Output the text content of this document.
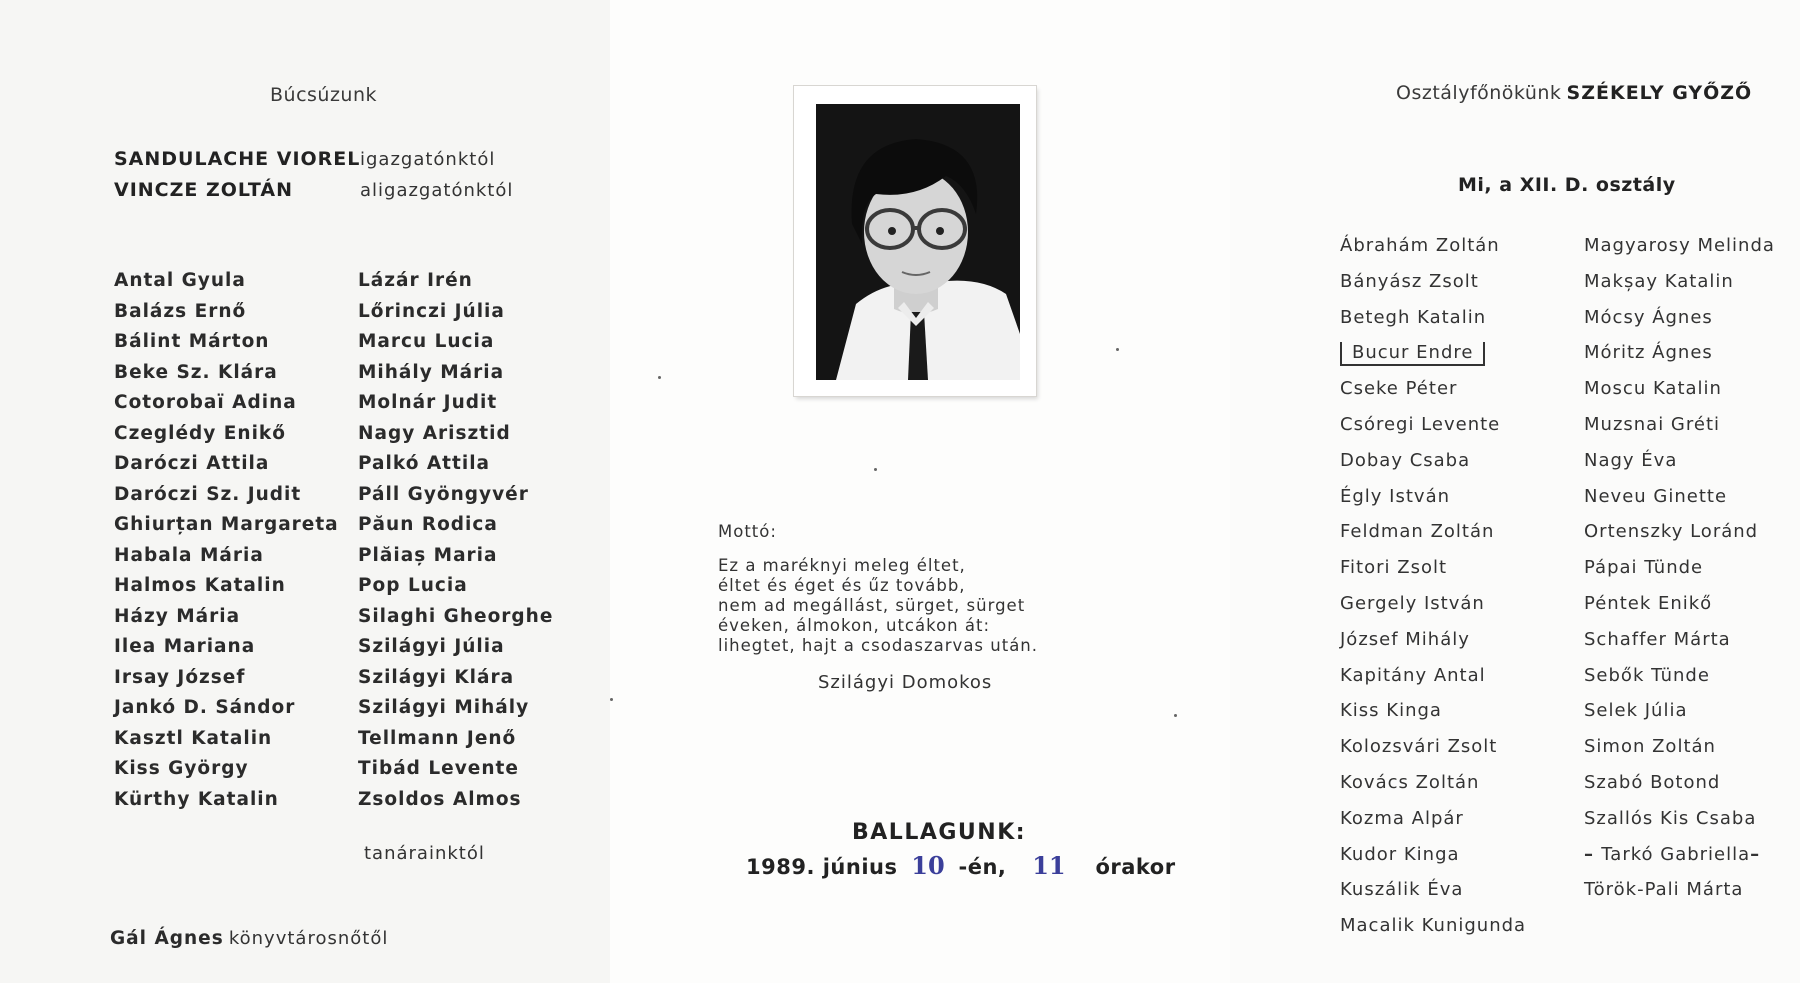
Búcsúzunk
SANDULACHE VIOREL igazgatónktól
VINCZE ZOLTÁN	aligazgatónktól
Antal Gyula
Balázs Ernő
Bálint Márton
Beke Sz. Klára
Cotorobaï Adina
Czeglédy Enikő
Daróczi Attila
Daróczi Sz. Judit
Ghiurțan Margareta
Habala Mária
Halmos Katalin
Házy Mária
Ilea Mariana
Irsay József
Jankó D. Sándor
Kasztl Katalin
Kiss György
Kürthy Katalin
Lázár Irén
Lőrinczi Júlia
Marcu Lucia
Mihály Mária
Molnár Judit
Nagy Arisztid
Palkó Attila
Páll Gyöngyvér
Păun Rodica
Plăiaș Maria
Pop Lucia
Silaghi Gheorghe
Szilágyi Júlia
Szilágyi Klára
Szilágyi Mihály
Tellmann Jenő
Tibád Levente
Zsoldos Almos
tanárainktól
Gál Ágnes könyvtárosnőtől
Mottó:
Ez a maréknyi meleg éltet,
éltet és éget és űz tovább,
nem ad megállást, sürget, sürget
éveken, álmokon, utcákon át:
lihegtet, hajt a csodaszarvas után.
Szilágyi Domokos
BALLAGUNK:
1989. június 10 -én, 11 órakor
Osztályfőnökünk SZÉKELY GYŐZŐ
Mi, a XII. D. osztály
Ábrahám Zoltán
Bányász Zsolt
Betegh Katalin
Bucur Endre
Cseke Péter
Csóregi Levente
Dobay Csaba
Égly István
Feldman Zoltán
Fitori Zsolt
Gergely István
József Mihály
Kapitány Antal
Kiss Kinga
Kolozsvári Zsolt
Kovács Zoltán
Kozma Alpár
Kudor Kinga
Kuszálik Éva
Macalik Kunigunda
Magyarosy Melinda
Makșay Katalin
Mócsy Ágnes
Móritz Ágnes
Moscu Katalin
Muzsnai Gréti
Nagy Éva
Neveu Ginette
Ortenszky Loránd
Pápai Tünde
Péntek Enikő
Schaffer Márta
Sebők Tünde
Selek Júlia
Simon Zoltán
Szabó Botond
Szallós Kis Csaba
– Tarkó Gabriella–
Török-Pali Márta
